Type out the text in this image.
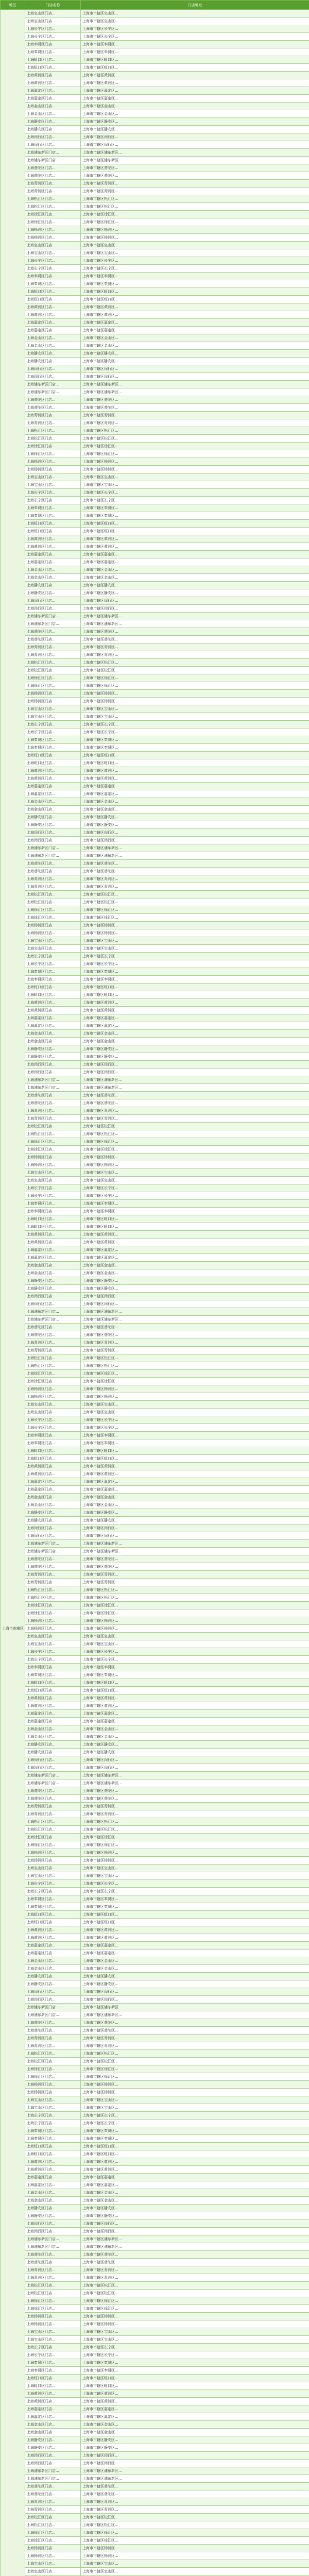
地区	门店名称	门店地址
上海市市辖区	上海宝山区门店...	上海市市辖区宝山区...
	上海宝山区门店...	上海市市辖区宝山区...
	上海长宁区门店...	上海市市辖区长宁区...
	上海长宁区门店...	上海市市辖区长宁区...
	上海奉贤区门店...	上海市市辖区奉贤区...
	上海奉贤区门店...	上海市市辖区奉贤区...
	上海虹口区门店...	上海市市辖区虹口区...
	上海虹口区门店...	上海市市辖区虹口区...
	上海黄浦区门店...	上海市市辖区黄浦区...
	上海黄浦区门店...	上海市市辖区黄浦区...
	上海嘉定区门店...	上海市市辖区嘉定区...
	上海嘉定区门店...	上海市市辖区嘉定区...
	上海金山区门店...	上海市市辖区金山区...
	上海金山区门店...	上海市市辖区金山区...
	上海静安区门店...	上海市市辖区静安区...
	上海静安区门店...	上海市市辖区静安区...
	上海闵行区门店...	上海市市辖区闵行区...
	上海闵行区门店...	上海市市辖区闵行区...
	上海浦东新区门店...	上海市市辖区浦东新区...
	上海浦东新区门店...	上海市市辖区浦东新区...
	上海普陀区门店...	上海市市辖区普陀区...
	上海普陀区门店...	上海市市辖区普陀区...
	上海青浦区门店...	上海市市辖区青浦区...
	上海青浦区门店...	上海市市辖区青浦区...
	上海松江区门店...	上海市市辖区松江区...
	上海松江区门店...	上海市市辖区松江区...
	上海徐汇区门店...	上海市市辖区徐汇区...
	上海徐汇区门店...	上海市市辖区徐汇区...
	上海杨浦区门店...	上海市市辖区杨浦区...
	上海杨浦区门店...	上海市市辖区杨浦区...
	上海宝山区门店...	上海市市辖区宝山区...
	上海宝山区门店...	上海市市辖区宝山区...
	上海长宁区门店...	上海市市辖区长宁区...
	上海长宁区门店...	上海市市辖区长宁区...
	上海奉贤区门店...	上海市市辖区奉贤区...
	上海奉贤区门店...	上海市市辖区奉贤区...
	上海虹口区门店...	上海市市辖区虹口区...
	上海虹口区门店...	上海市市辖区虹口区...
	上海黄浦区门店...	上海市市辖区黄浦区...
	上海黄浦区门店...	上海市市辖区黄浦区...
	上海嘉定区门店...	上海市市辖区嘉定区...
	上海嘉定区门店...	上海市市辖区嘉定区...
	上海金山区门店...	上海市市辖区金山区...
	上海金山区门店...	上海市市辖区金山区...
	上海静安区门店...	上海市市辖区静安区...
	上海静安区门店...	上海市市辖区静安区...
	上海闵行区门店...	上海市市辖区闵行区...
	上海闵行区门店...	上海市市辖区闵行区...
	上海浦东新区门店...	上海市市辖区浦东新区...
	上海浦东新区门店...	上海市市辖区浦东新区...
	上海普陀区门店...	上海市市辖区普陀区...
	上海普陀区门店...	上海市市辖区普陀区...
	上海青浦区门店...	上海市市辖区青浦区...
	上海青浦区门店...	上海市市辖区青浦区...
	上海松江区门店...	上海市市辖区松江区...
	上海松江区门店...	上海市市辖区松江区...
	上海徐汇区门店...	上海市市辖区徐汇区...
	上海徐汇区门店...	上海市市辖区徐汇区...
	上海杨浦区门店...	上海市市辖区杨浦区...
	上海杨浦区门店...	上海市市辖区杨浦区...
	上海宝山区门店...	上海市市辖区宝山区...
	上海宝山区门店...	上海市市辖区宝山区...
	上海长宁区门店...	上海市市辖区长宁区...
	上海长宁区门店...	上海市市辖区长宁区...
	上海奉贤区门店...	上海市市辖区奉贤区...
	上海奉贤区门店...	上海市市辖区奉贤区...
	上海虹口区门店...	上海市市辖区虹口区...
	上海虹口区门店...	上海市市辖区虹口区...
	上海黄浦区门店...	上海市市辖区黄浦区...
	上海黄浦区门店...	上海市市辖区黄浦区...
	上海嘉定区门店...	上海市市辖区嘉定区...
	上海嘉定区门店...	上海市市辖区嘉定区...
	上海金山区门店...	上海市市辖区金山区...
	上海金山区门店...	上海市市辖区金山区...
	上海静安区门店...	上海市市辖区静安区...
	上海静安区门店...	上海市市辖区静安区...
	上海闵行区门店...	上海市市辖区闵行区...
	上海闵行区门店...	上海市市辖区闵行区...
	上海浦东新区门店...	上海市市辖区浦东新区...
	上海浦东新区门店...	上海市市辖区浦东新区...
	上海普陀区门店...	上海市市辖区普陀区...
	上海普陀区门店...	上海市市辖区普陀区...
	上海青浦区门店...	上海市市辖区青浦区...
	上海青浦区门店...	上海市市辖区青浦区...
	上海松江区门店...	上海市市辖区松江区...
	上海松江区门店...	上海市市辖区松江区...
	上海徐汇区门店...	上海市市辖区徐汇区...
	上海徐汇区门店...	上海市市辖区徐汇区...
	上海杨浦区门店...	上海市市辖区杨浦区...
	上海杨浦区门店...	上海市市辖区杨浦区...
	上海宝山区门店...	上海市市辖区宝山区...
	上海宝山区门店...	上海市市辖区宝山区...
	上海长宁区门店...	上海市市辖区长宁区...
	上海长宁区门店...	上海市市辖区长宁区...
	上海奉贤区门店...	上海市市辖区奉贤区...
	上海奉贤区门店...	上海市市辖区奉贤区...
	上海虹口区门店...	上海市市辖区虹口区...
	上海虹口区门店...	上海市市辖区虹口区...
	上海黄浦区门店...	上海市市辖区黄浦区...
	上海黄浦区门店...	上海市市辖区黄浦区...
	上海嘉定区门店...	上海市市辖区嘉定区...
	上海嘉定区门店...	上海市市辖区嘉定区...
	上海金山区门店...	上海市市辖区金山区...
	上海金山区门店...	上海市市辖区金山区...
	上海静安区门店...	上海市市辖区静安区...
	上海静安区门店...	上海市市辖区静安区...
	上海闵行区门店...	上海市市辖区闵行区...
	上海闵行区门店...	上海市市辖区闵行区...
	上海浦东新区门店...	上海市市辖区浦东新区...
	上海浦东新区门店...	上海市市辖区浦东新区...
	上海普陀区门店...	上海市市辖区普陀区...
	上海普陀区门店...	上海市市辖区普陀区...
	上海青浦区门店...	上海市市辖区青浦区...
	上海青浦区门店...	上海市市辖区青浦区...
	上海松江区门店...	上海市市辖区松江区...
	上海松江区门店...	上海市市辖区松江区...
	上海徐汇区门店...	上海市市辖区徐汇区...
	上海徐汇区门店...	上海市市辖区徐汇区...
	上海杨浦区门店...	上海市市辖区杨浦区...
	上海杨浦区门店...	上海市市辖区杨浦区...
	上海宝山区门店...	上海市市辖区宝山区...
	上海宝山区门店...	上海市市辖区宝山区...
	上海长宁区门店...	上海市市辖区长宁区...
	上海长宁区门店...	上海市市辖区长宁区...
	上海奉贤区门店...	上海市市辖区奉贤区...
	上海奉贤区门店...	上海市市辖区奉贤区...
	上海虹口区门店...	上海市市辖区虹口区...
	上海虹口区门店...	上海市市辖区虹口区...
	上海黄浦区门店...	上海市市辖区黄浦区...
	上海黄浦区门店...	上海市市辖区黄浦区...
	上海嘉定区门店...	上海市市辖区嘉定区...
	上海嘉定区门店...	上海市市辖区嘉定区...
	上海金山区门店...	上海市市辖区金山区...
	上海金山区门店...	上海市市辖区金山区...
	上海静安区门店...	上海市市辖区静安区...
	上海静安区门店...	上海市市辖区静安区...
	上海闵行区门店...	上海市市辖区闵行区...
	上海闵行区门店...	上海市市辖区闵行区...
	上海浦东新区门店...	上海市市辖区浦东新区...
	上海浦东新区门店...	上海市市辖区浦东新区...
	上海普陀区门店...	上海市市辖区普陀区...
	上海普陀区门店...	上海市市辖区普陀区...
	上海青浦区门店...	上海市市辖区青浦区...
	上海青浦区门店...	上海市市辖区青浦区...
	上海松江区门店...	上海市市辖区松江区...
	上海松江区门店...	上海市市辖区松江区...
	上海徐汇区门店...	上海市市辖区徐汇区...
	上海徐汇区门店...	上海市市辖区徐汇区...
	上海杨浦区门店...	上海市市辖区杨浦区...
	上海杨浦区门店...	上海市市辖区杨浦区...
	上海宝山区门店...	上海市市辖区宝山区...
	上海宝山区门店...	上海市市辖区宝山区...
	上海长宁区门店...	上海市市辖区长宁区...
	上海长宁区门店...	上海市市辖区长宁区...
	上海奉贤区门店...	上海市市辖区奉贤区...
	上海奉贤区门店...	上海市市辖区奉贤区...
	上海虹口区门店...	上海市市辖区虹口区...
	上海虹口区门店...	上海市市辖区虹口区...
	上海黄浦区门店...	上海市市辖区黄浦区...
	上海黄浦区门店...	上海市市辖区黄浦区...
	上海嘉定区门店...	上海市市辖区嘉定区...
	上海嘉定区门店...	上海市市辖区嘉定区...
	上海金山区门店...	上海市市辖区金山区...
	上海金山区门店...	上海市市辖区金山区...
	上海静安区门店...	上海市市辖区静安区...
	上海静安区门店...	上海市市辖区静安区...
	上海闵行区门店...	上海市市辖区闵行区...
	上海闵行区门店...	上海市市辖区闵行区...
	上海浦东新区门店...	上海市市辖区浦东新区...
	上海浦东新区门店...	上海市市辖区浦东新区...
	上海普陀区门店...	上海市市辖区普陀区...
	上海普陀区门店...	上海市市辖区普陀区...
	上海青浦区门店...	上海市市辖区青浦区...
	上海青浦区门店...	上海市市辖区青浦区...
	上海松江区门店...	上海市市辖区松江区...
	上海松江区门店...	上海市市辖区松江区...
	上海徐汇区门店...	上海市市辖区徐汇区...
	上海徐汇区门店...	上海市市辖区徐汇区...
	上海杨浦区门店...	上海市市辖区杨浦区...
	上海杨浦区门店...	上海市市辖区杨浦区...
	上海宝山区门店...	上海市市辖区宝山区...
	上海宝山区门店...	上海市市辖区宝山区...
	上海长宁区门店...	上海市市辖区长宁区...
	上海长宁区门店...	上海市市辖区长宁区...
	上海奉贤区门店...	上海市市辖区奉贤区...
	上海奉贤区门店...	上海市市辖区奉贤区...
	上海虹口区门店...	上海市市辖区虹口区...
	上海虹口区门店...	上海市市辖区虹口区...
	上海黄浦区门店...	上海市市辖区黄浦区...
	上海黄浦区门店...	上海市市辖区黄浦区...
	上海嘉定区门店...	上海市市辖区嘉定区...
	上海嘉定区门店...	上海市市辖区嘉定区...
	上海金山区门店...	上海市市辖区金山区...
	上海金山区门店...	上海市市辖区金山区...
	上海静安区门店...	上海市市辖区静安区...
	上海静安区门店...	上海市市辖区静安区...
	上海闵行区门店...	上海市市辖区闵行区...
	上海闵行区门店...	上海市市辖区闵行区...
	上海浦东新区门店...	上海市市辖区浦东新区...
	上海浦东新区门店...	上海市市辖区浦东新区...
	上海普陀区门店...	上海市市辖区普陀区...
	上海普陀区门店...	上海市市辖区普陀区...
	上海青浦区门店...	上海市市辖区青浦区...
	上海青浦区门店...	上海市市辖区青浦区...
	上海松江区门店...	上海市市辖区松江区...
	上海松江区门店...	上海市市辖区松江区...
	上海徐汇区门店...	上海市市辖区徐汇区...
	上海徐汇区门店...	上海市市辖区徐汇区...
	上海杨浦区门店...	上海市市辖区杨浦区...
	上海杨浦区门店...	上海市市辖区杨浦区...
	上海宝山区门店...	上海市市辖区宝山区...
	上海宝山区门店...	上海市市辖区宝山区...
	上海长宁区门店...	上海市市辖区长宁区...
	上海长宁区门店...	上海市市辖区长宁区...
	上海奉贤区门店...	上海市市辖区奉贤区...
	上海奉贤区门店...	上海市市辖区奉贤区...
	上海虹口区门店...	上海市市辖区虹口区...
	上海虹口区门店...	上海市市辖区虹口区...
	上海黄浦区门店...	上海市市辖区黄浦区...
	上海黄浦区门店...	上海市市辖区黄浦区...
	上海嘉定区门店...	上海市市辖区嘉定区...
	上海嘉定区门店...	上海市市辖区嘉定区...
	上海金山区门店...	上海市市辖区金山区...
	上海金山区门店...	上海市市辖区金山区...
	上海静安区门店...	上海市市辖区静安区...
	上海静安区门店...	上海市市辖区静安区...
	上海闵行区门店...	上海市市辖区闵行区...
	上海闵行区门店...	上海市市辖区闵行区...
	上海浦东新区门店...	上海市市辖区浦东新区...
	上海浦东新区门店...	上海市市辖区浦东新区...
	上海普陀区门店...	上海市市辖区普陀区...
	上海普陀区门店...	上海市市辖区普陀区...
	上海青浦区门店...	上海市市辖区青浦区...
	上海青浦区门店...	上海市市辖区青浦区...
	上海松江区门店...	上海市市辖区松江区...
	上海松江区门店...	上海市市辖区松江区...
	上海徐汇区门店...	上海市市辖区徐汇区...
	上海徐汇区门店...	上海市市辖区徐汇区...
	上海杨浦区门店...	上海市市辖区杨浦区...
	上海杨浦区门店...	上海市市辖区杨浦区...
	上海宝山区门店...	上海市市辖区宝山区...
	上海宝山区门店...	上海市市辖区宝山区...
	上海长宁区门店...	上海市市辖区长宁区...
	上海长宁区门店...	上海市市辖区长宁区...
	上海奉贤区门店...	上海市市辖区奉贤区...
	上海奉贤区门店...	上海市市辖区奉贤区...
	上海虹口区门店...	上海市市辖区虹口区...
	上海虹口区门店...	上海市市辖区虹口区...
	上海黄浦区门店...	上海市市辖区黄浦区...
	上海黄浦区门店...	上海市市辖区黄浦区...
	上海嘉定区门店...	上海市市辖区嘉定区...
	上海嘉定区门店...	上海市市辖区嘉定区...
	上海金山区门店...	上海市市辖区金山区...
	上海金山区门店...	上海市市辖区金山区...
	上海静安区门店...	上海市市辖区静安区...
	上海静安区门店...	上海市市辖区静安区...
	上海闵行区门店...	上海市市辖区闵行区...
	上海闵行区门店...	上海市市辖区闵行区...
	上海浦东新区门店...	上海市市辖区浦东新区...
	上海浦东新区门店...	上海市市辖区浦东新区...
	上海普陀区门店...	上海市市辖区普陀区...
	上海普陀区门店...	上海市市辖区普陀区...
	上海青浦区门店...	上海市市辖区青浦区...
	上海青浦区门店...	上海市市辖区青浦区...
	上海松江区门店...	上海市市辖区松江区...
	上海松江区门店...	上海市市辖区松江区...
	上海徐汇区门店...	上海市市辖区徐汇区...
	上海徐汇区门店...	上海市市辖区徐汇区...
	上海杨浦区门店...	上海市市辖区杨浦区...
	上海杨浦区门店...	上海市市辖区杨浦区...
	上海宝山区门店...	上海市市辖区宝山区...
	上海宝山区门店...	上海市市辖区宝山区...
	上海长宁区门店...	上海市市辖区长宁区...
	上海长宁区门店...	上海市市辖区长宁区...
	上海奉贤区门店...	上海市市辖区奉贤区...
	上海奉贤区门店...	上海市市辖区奉贤区...
	上海虹口区门店...	上海市市辖区虹口区...
	上海虹口区门店...	上海市市辖区虹口区...
	上海黄浦区门店...	上海市市辖区黄浦区...
	上海黄浦区门店...	上海市市辖区黄浦区...
	上海嘉定区门店...	上海市市辖区嘉定区...
	上海嘉定区门店...	上海市市辖区嘉定区...
	上海金山区门店...	上海市市辖区金山区...
	上海金山区门店...	上海市市辖区金山区...
	上海静安区门店...	上海市市辖区静安区...
	上海静安区门店...	上海市市辖区静安区...
	上海闵行区门店...	上海市市辖区闵行区...
	上海闵行区门店...	上海市市辖区闵行区...
	上海浦东新区门店...	上海市市辖区浦东新区...
	上海浦东新区门店...	上海市市辖区浦东新区...
	上海普陀区门店...	上海市市辖区普陀区...
	上海普陀区门店...	上海市市辖区普陀区...
	上海青浦区门店...	上海市市辖区青浦区...
	上海青浦区门店...	上海市市辖区青浦区...
	上海松江区门店...	上海市市辖区松江区...
	上海松江区门店...	上海市市辖区松江区...
	上海徐汇区门店...	上海市市辖区徐汇区...
	上海徐汇区门店...	上海市市辖区徐汇区...
	上海杨浦区门店...	上海市市辖区杨浦区...
	上海杨浦区门店...	上海市市辖区杨浦区...
	上海宝山区门店...	上海市市辖区宝山区...
	上海宝山区门店...	上海市市辖区宝山区...
	上海长宁区门店...	上海市市辖区长宁区...
	上海长宁区门店...	上海市市辖区长宁区...
	上海奉贤区门店...	上海市市辖区奉贤区...
	上海奉贤区门店...	上海市市辖区奉贤区...
	上海虹口区门店...	上海市市辖区虹口区...
	上海虹口区门店...	上海市市辖区虹口区...
	上海黄浦区门店...	上海市市辖区黄浦区...
	上海黄浦区门店...	上海市市辖区黄浦区...
	上海嘉定区门店...	上海市市辖区嘉定区...
	上海嘉定区门店...	上海市市辖区嘉定区...
	上海金山区门店...	上海市市辖区金山区...
	上海金山区门店...	上海市市辖区金山区...
	上海静安区门店...	上海市市辖区静安区...
	上海静安区门店...	上海市市辖区静安区...
	上海闵行区门店...	上海市市辖区闵行区...
	上海闵行区门店...	上海市市辖区闵行区...
	上海浦东新区门店...	上海市市辖区浦东新区...
	上海浦东新区门店...	上海市市辖区浦东新区...
	上海普陀区门店...	上海市市辖区普陀区...
	上海普陀区门店...	上海市市辖区普陀区...
	上海青浦区门店...	上海市市辖区青浦区...
	上海青浦区门店...	上海市市辖区青浦区...
	上海松江区门店...	上海市市辖区松江区...
	上海松江区门店...	上海市市辖区松江区...
	上海徐汇区门店...	上海市市辖区徐汇区...
	上海徐汇区门店...	上海市市辖区徐汇区...
	上海杨浦区门店...	上海市市辖区杨浦区...
	上海杨浦区门店...	上海市市辖区杨浦区...
	上海宝山区门店...	上海市市辖区宝山区...
	上海宝山区门店...	上海市市辖区宝山区...
